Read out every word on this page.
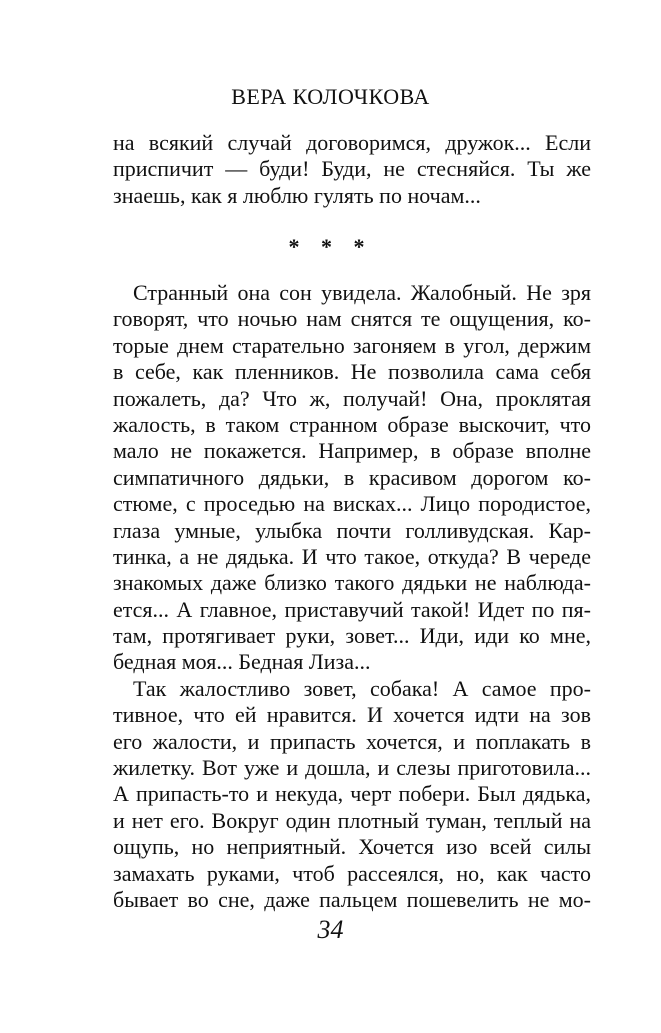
ВЕРА КОЛОЧКОВА
на всякий случай договоримся, дружок... Если
приспичит — буди! Буди, не стесняйся. Ты же
знаешь, как я люблю гулять по ночам...
* * *
Странный она сон увидела. Жалобный. Не зря
говорят, что ночью нам снятся те ощущения, ко-
торые днем старательно загоняем в угол, держим
в себе, как пленников. Не позволила сама себя
пожалеть, да? Что ж, получай! Она, проклятая
жалость, в таком странном образе выскочит, что
мало не покажется. Например, в образе вполне
симпатичного дядьки, в красивом дорогом ко-
стюме, с проседью на висках... Лицо породистое,
глаза умные, улыбка почти голливудская. Кар-
тинка, а не дядька. И что такое, откуда? В череде
знакомых даже близко такого дядьки не наблюда-
ется... А главное, приставучий такой! Идет по пя-
там, протягивает руки, зовет... Иди, иди ко мне,
бедная моя... Бедная Лиза...
Так жалостливо зовет, собака! А самое про-
тивное, что ей нравится. И хочется идти на зов
его жалости, и припасть хочется, и поплакать в
жилетку. Вот уже и дошла, и слезы приготовила...
А припасть-то и некуда, черт побери. Был дядька,
и нет его. Вокруг один плотный туман, теплый на
ощупь, но неприятный. Хочется изо всей силы
замахать руками, чтоб рассеялся, но, как часто
бывает во сне, даже пальцем пошевелить не мо-
34
